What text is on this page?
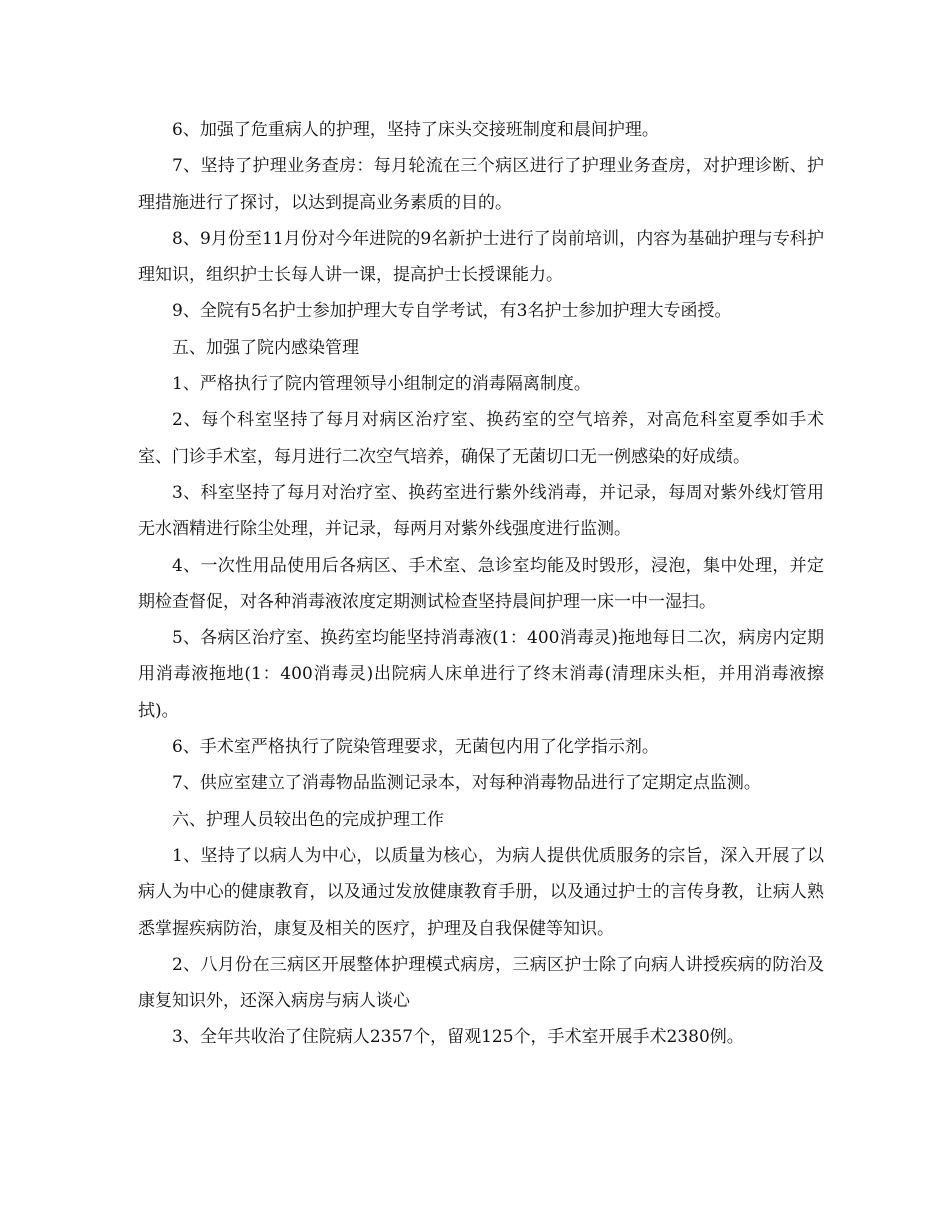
6、加强了危重病人的护理，坚持了床头交接班制度和晨间护理。

7、坚持了护理业务查房：每月轮流在三个病区进行了护理业务查房，对护理诊断、护理措施进行了探讨，以达到提高业务素质的目的。

8、9月份至11月份对今年进院的9名新护士进行了岗前培训，内容为基础护理与专科护理知识，组织护士长每人讲一课，提高护士长授课能力。

9、全院有5名护士参加护理大专自学考试，有3名护士参加护理大专函授。

五、加强了院内感染管理

1、严格执行了院内管理领导小组制定的消毒隔离制度。

2、每个科室坚持了每月对病区治疗室、换药室的空气培养，对高危科室夏季如手术室、门诊手术室，每月进行二次空气培养，确保了无菌切口无一例感染的好成绩。

3、科室坚持了每月对治疗室、换药室进行紫外线消毒，并记录，每周对紫外线灯管用无水酒精进行除尘处理，并记录，每两月对紫外线强度进行监测。

4、一次性用品使用后各病区、手术室、急诊室均能及时毁形，浸泡，集中处理，并定期检查督促，对各种消毒液浓度定期测试检查坚持晨间护理一床一中一湿扫。

5、各病区治疗室、换药室均能坚持消毒液(1：400消毒灵)拖地每日二次，病房内定期用消毒液拖地(1：400消毒灵)出院病人床单进行了终末消毒(清理床头柜，并用消毒液擦拭)。

6、手术室严格执行了院染管理要求，无菌包内用了化学指示剂。

7、供应室建立了消毒物品监测记录本，对每种消毒物品进行了定期定点监测。

六、护理人员较出色的完成护理工作

1、坚持了以病人为中心，以质量为核心，为病人提供优质服务的宗旨，深入开展了以病人为中心的健康教育，以及通过发放健康教育手册，以及通过护士的言传身教，让病人熟悉掌握疾病防治，康复及相关的医疗，护理及自我保健等知识。

2、八月份在三病区开展整体护理模式病房，三病区护士除了向病人讲授疾病的防治及康复知识外，还深入病房与病人谈心

3、全年共收治了住院病人2357个，留观125个，手术室开展手术2380例。
